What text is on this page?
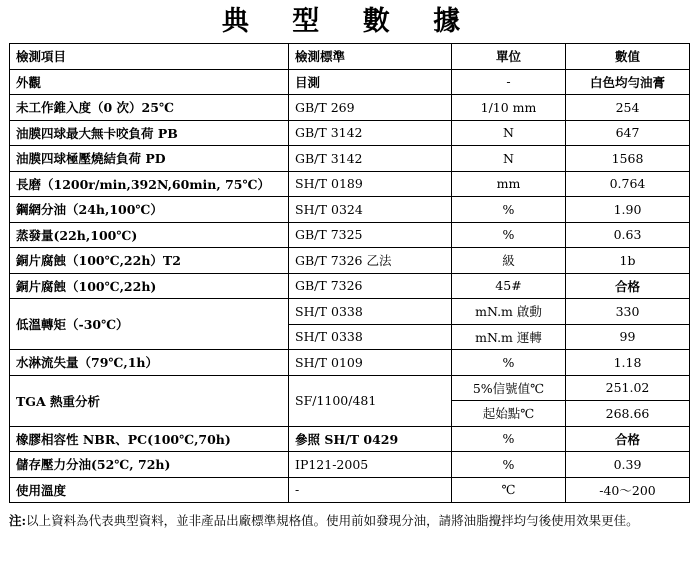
典 型 數 據
檢測項目	檢測標準	單位	數值
外觀	目測	-	白色均勻油膏
未工作錐入度（0 次）25℃	GB/T 269	1/10 mm	254
油膜四球最大無卡咬負荷 PB	GB/T 3142	N	647
油膜四球極壓燒結負荷 PD	GB/T 3142	N	1568
長磨（1200r/min,392N,60min, 75℃）	SH/T 0189	mm	0.764
鋼網分油（24h,100℃）	SH/T 0324	%	1.90
蒸發量(22h,100℃)	GB/T 7325	%	0.63
銅片腐蝕（100℃,22h）T2	GB/T 7326 乙法	級	1b
銅片腐蝕（100℃,22h)	GB/T 7326	45#	合格
低溫轉矩（-30℃）	SH/T 0338	mN.m 啟動	330
	SH/T 0338	mN.m 運轉	99
水淋流失量（79℃,1h）	SH/T 0109	%	1.18
TGA 熱重分析	SF/1100/481	5%信號值℃	251.02
		起始點℃	268.66
橡膠相容性 NBR、PC(100℃,70h)	參照 SH/T 0429	%	合格
儲存壓力分油(52℃, 72h)	IP121-2005	%	0.39
使用溫度	-	℃	-40～200
注:以上資料為代表典型資料，並非產品出廠標準規格值。使用前如發現分油，請將油脂攪拌均勻後使用效果更佳。
